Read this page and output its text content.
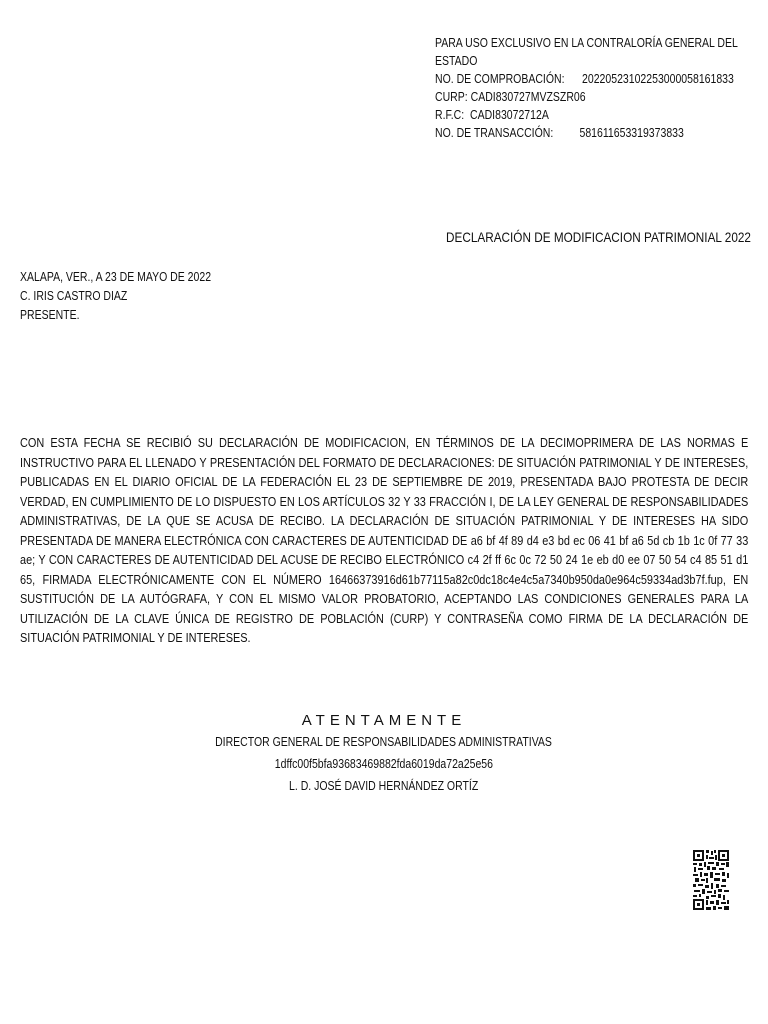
PARA USO EXCLUSIVO EN LA CONTRALORÍA GENERAL DEL
ESTADO
NO. DE COMPROBACIÓN: 20220523102253000058161833
CURP: CADI830727MVZSZR06
R.F.C: CADI83072712A
NO. DE TRANSACCIÓN: 581611653319373833
DECLARACIÓN DE MODIFICACION PATRIMONIAL 2022
XALAPA, VER., A 23 DE MAYO DE 2022
C. IRIS CASTRO DIAZ
PRESENTE.
CON ESTA FECHA SE RECIBIÓ SU DECLARACIÓN DE MODIFICACION, EN TÉRMINOS DE LA DECIMOPRIMERA DE LAS NORMAS E INSTRUCTIVO PARA EL LLENADO Y PRESENTACIÓN DEL FORMATO DE DECLARACIONES: DE SITUACIÓN PATRIMONIAL Y DE INTERESES, PUBLICADAS EN EL DIARIO OFICIAL DE LA FEDERACIÓN EL 23 DE SEPTIEMBRE DE 2019, PRESENTADA BAJO PROTESTA DE DECIR VERDAD, EN CUMPLIMIENTO DE LO DISPUESTO EN LOS ARTÍCULOS 32 Y 33 FRACCIÓN I, DE LA LEY GENERAL DE RESPONSABILIDADES ADMINISTRATIVAS, DE LA QUE SE ACUSA DE RECIBO. LA DECLARACIÓN DE SITUACIÓN PATRIMONIAL Y DE INTERESES HA SIDO PRESENTADA DE MANERA ELECTRÓNICA CON CARACTERES DE AUTENTICIDAD DE a6 bf 4f 89 d4 e3 bd ec 06 41 bf a6 5d cb 1b 1c 0f 77 33 ae; Y CON CARACTERES DE AUTENTICIDAD DEL ACUSE DE RECIBO ELECTRÓNICO c4 2f ff 6c 0c 72 50 24 1e eb d0 ee 07 50 54 c4 85 51 d1 65, FIRMADA ELECTRÓNICAMENTE CON EL NÚMERO 16466373916d61b77115a82c0dc18c4e4c5a7340b950da0e964c59334ad3b7f.fup, EN SUSTITUCIÓN DE LA AUTÓGRAFA, Y CON EL MISMO VALOR PROBATORIO, ACEPTANDO LAS CONDICIONES GENERALES PARA LA UTILIZACIÓN DE LA CLAVE ÚNICA DE REGISTRO DE POBLACIÓN (CURP) Y CONTRASEÑA COMO FIRMA DE LA DECLARACIÓN DE SITUACIÓN PATRIMONIAL Y DE INTERESES.
ATENTAMENTE
DIRECTOR GENERAL DE RESPONSABILIDADES ADMINISTRATIVAS
1dffc00f5bfa93683469882fda6019da72a25e56
L. D. JOSÉ DAVID HERNÁNDEZ ORTÍZ
